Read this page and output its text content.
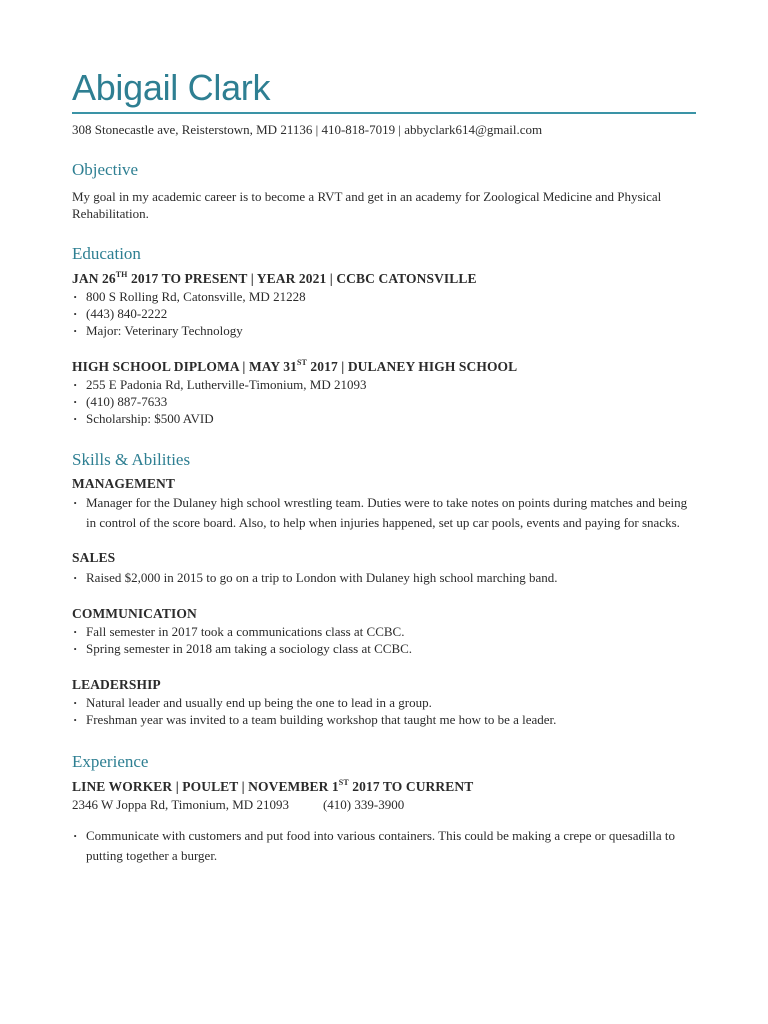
Abigail Clark

308 Stonecastle ave, Reisterstown, MD 21136 | 410-818-7019 | abbyclark614@gmail.com

Objective

My goal in my academic career is to become a RVT and get in an academy for Zoological Medicine and Physical Rehabilitation.

Education

JAN 26TH 2017 TO PRESENT | YEAR 2021 | CCBC CATONSVILLE

· 800 S Rolling Rd, Catonsville, MD 21228
· (443) 840-2222
· Major: Veterinary Technology

HIGH SCHOOL DIPLOMA | MAY 31ST 2017 | DULANEY HIGH SCHOOL

· 255 E Padonia Rd, Lutherville-Timonium, MD 21093
· (410) 887-7633
· Scholarship: $500 AVID
Skills & Abilities

MANAGEMENT

· Manager for the Dulaney high school wrestling team. Duties were to take notes on points during matches and being in control of the score board. Also, to help when injuries happened, set up car pools, events and paying for snacks.

SALES

· Raised $2,000 in 2015 to go on a trip to London with Dulaney high school marching band.

COMMUNICATION

· Fall semester in 2017 took a communications class at CCBC.
· Spring semester in 2018 am taking a sociology class at CCBC.

LEADERSHIP

· Natural leader and usually end up being the one to lead in a group.
· Freshman year was invited to a team building workshop that taught me how to be a leader.
Experience

LINE WORKER | POULET | NOVEMBER 1ST 2017 TO CURRENT

2346 W Joppa Rd, Timonium, MD 21093	(410) 339-3900

· Communicate with customers and put food into various containers. This could be making a crepe or quesadilla to putting together a burger.
